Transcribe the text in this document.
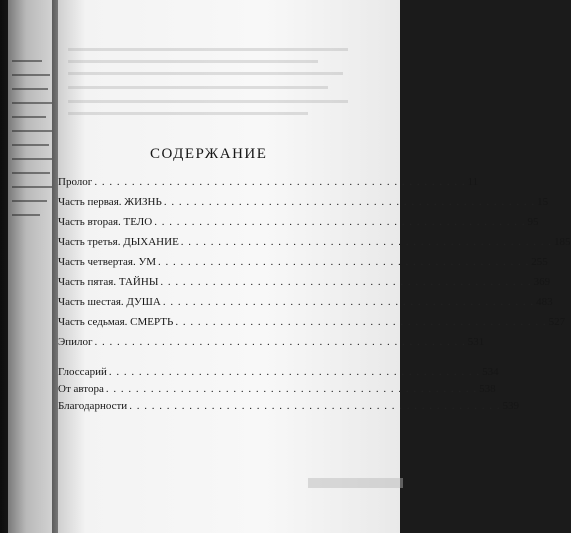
СОДЕРЖАНИЕ
Пролог . . . . . . . . . . . . . . . . . . . . . . . . . . . . . . . . . . . . . . . . . . . . . . . . . . 11
Часть первая. ЖИЗНЬ . . . . . . . . . . . . . . . . . . . . . . . . . . . . . . . . . . . . . . . . . . . . . . . . . . 15
Часть вторая. ТЕЛО . . . . . . . . . . . . . . . . . . . . . . . . . . . . . . . . . . . . . . . . . . . . . . . . . . 95
Часть третья. ДЫХАНИЕ . . . . . . . . . . . . . . . . . . . . . . . . . . . . . . . . . . . . . . . . . . . . . . . . . . 185
Часть четвертая. УМ . . . . . . . . . . . . . . . . . . . . . . . . . . . . . . . . . . . . . . . . . . . . . . . . . . 255
Часть пятая. ТАЙНЫ . . . . . . . . . . . . . . . . . . . . . . . . . . . . . . . . . . . . . . . . . . . . . . . . . . 369
Часть шестая. ДУША . . . . . . . . . . . . . . . . . . . . . . . . . . . . . . . . . . . . . . . . . . . . . . . . . . 483
Часть седьмая. СМЕРТЬ . . . . . . . . . . . . . . . . . . . . . . . . . . . . . . . . . . . . . . . . . . . . . . . . . . 527
Эпилог . . . . . . . . . . . . . . . . . . . . . . . . . . . . . . . . . . . . . . . . . . . . . . . . . . 531
Глоссарий . . . . . . . . . . . . . . . . . . . . . . . . . . . . . . . . . . . . . . . . . . . . . . . . . . 534
От автора . . . . . . . . . . . . . . . . . . . . . . . . . . . . . . . . . . . . . . . . . . . . . . . . . . 538
Благодарности . . . . . . . . . . . . . . . . . . . . . . . . . . . . . . . . . . . . . . . . . . . . . . . . . . 539
